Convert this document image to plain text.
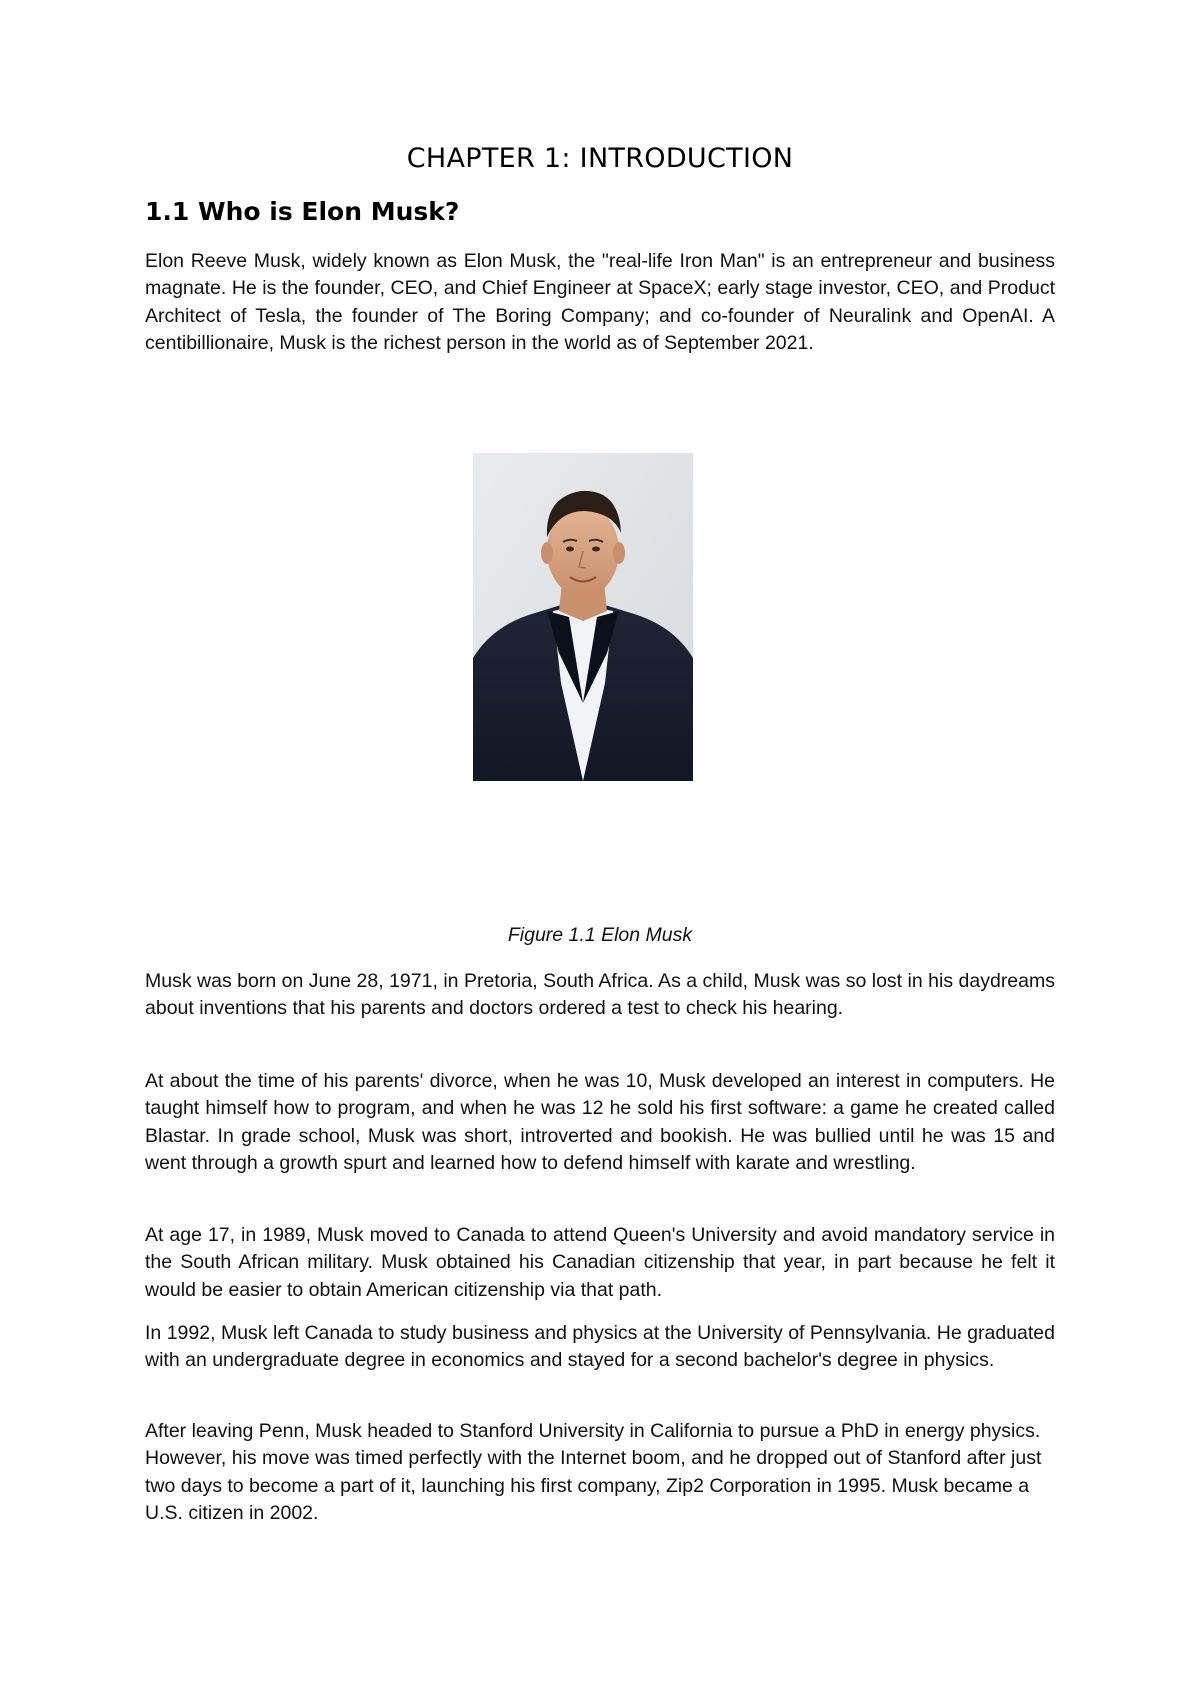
CHAPTER 1: INTRODUCTION
1.1 Who is Elon Musk?

Elon Reeve Musk, widely known as Elon Musk, the "real-life Iron Man" is an entrepreneur and business magnate. He is the founder, CEO, and Chief Engineer at SpaceX; early stage investor, CEO, and Product Architect of Tesla, the founder of The Boring Company; and co-founder of Neuralink and OpenAI. A centibillionaire, Musk is the richest person in the world as of September 2021.

Figure 1.1 Elon Musk

Musk was born on June 28, 1971, in Pretoria, South Africa. As a child, Musk was so lost in his daydreams about inventions that his parents and doctors ordered a test to check his hearing.

At about the time of his parents' divorce, when he was 10, Musk developed an interest in computers. He taught himself how to program, and when he was 12 he sold his first software: a game he created called Blastar. In grade school, Musk was short, introverted and bookish. He was bullied until he was 15 and went through a growth spurt and learned how to defend himself with karate and wrestling.

At age 17, in 1989, Musk moved to Canada to attend Queen's University and avoid mandatory service in the South African military. Musk obtained his Canadian citizenship that year, in part because he felt it would be easier to obtain American citizenship via that path.

In 1992, Musk left Canada to study business and physics at the University of Pennsylvania. He graduated with an undergraduate degree in economics and stayed for a second bachelor's degree in physics.

After leaving Penn, Musk headed to Stanford University in California to pursue a PhD in energy physics. However, his move was timed perfectly with the Internet boom, and he dropped out of Stanford after just two days to become a part of it, launching his first company, Zip2 Corporation in 1995. Musk became a U.S. citizen in 2002.
